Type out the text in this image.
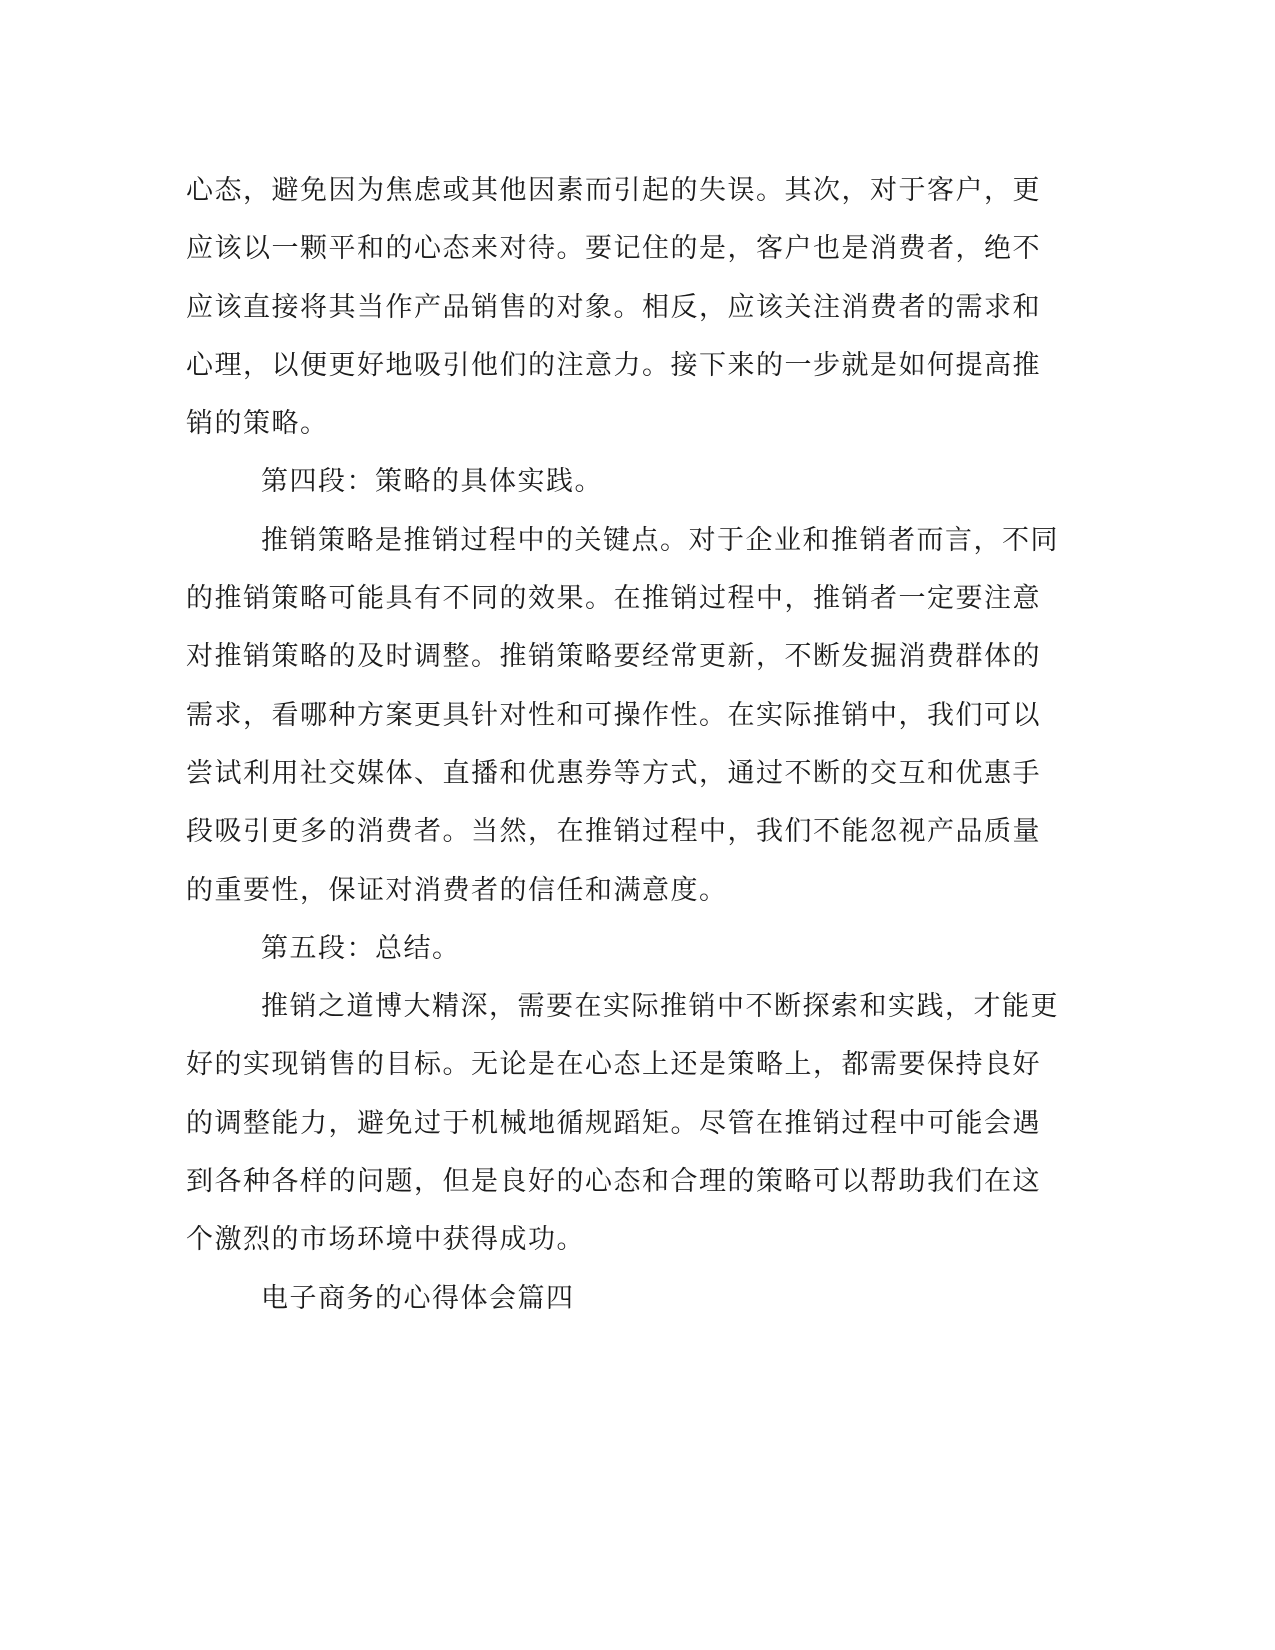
心态，避免因为焦虑或其他因素而引起的失误。其次，对于客户，更
应该以一颗平和的心态来对待。要记住的是，客户也是消费者，绝不
应该直接将其当作产品销售的对象。相反，应该关注消费者的需求和
心理，以便更好地吸引他们的注意力。接下来的一步就是如何提高推
销的策略。
第四段：策略的具体实践。
推销策略是推销过程中的关键点。对于企业和推销者而言，不同
的推销策略可能具有不同的效果。在推销过程中，推销者一定要注意
对推销策略的及时调整。推销策略要经常更新，不断发掘消费群体的
需求，看哪种方案更具针对性和可操作性。在实际推销中，我们可以
尝试利用社交媒体、直播和优惠券等方式，通过不断的交互和优惠手
段吸引更多的消费者。当然，在推销过程中，我们不能忽视产品质量
的重要性，保证对消费者的信任和满意度。
第五段：总结。
推销之道博大精深，需要在实际推销中不断探索和实践，才能更
好的实现销售的目标。无论是在心态上还是策略上，都需要保持良好
的调整能力，避免过于机械地循规蹈矩。尽管在推销过程中可能会遇
到各种各样的问题，但是良好的心态和合理的策略可以帮助我们在这
个激烈的市场环境中获得成功。
电子商务的心得体会篇四
